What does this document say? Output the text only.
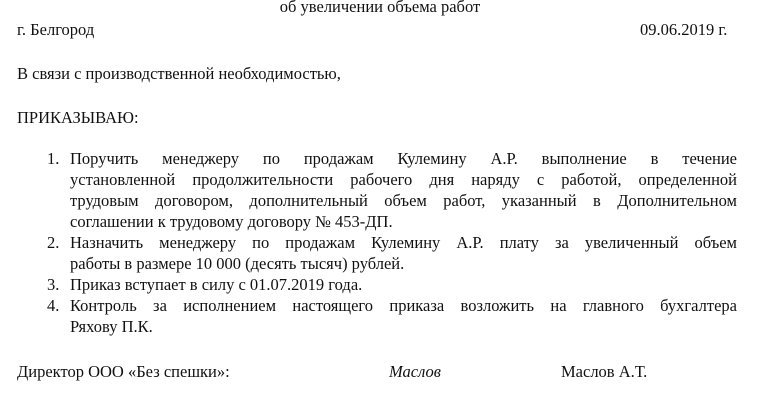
об увеличении объема работ
г. Белгород	09.06.2019 г.
В связи с производственной необходимостью,
ПРИКАЗЫВАЮ:
1. Поручить менеджеру по продажам Кулемину А.Р. выполнение в течение
установленной продолжительности рабочего дня наряду с работой, определенной
трудовым договором, дополнительный объем работ, указанный в Дополнительном
соглашении к трудовому договору № 453-ДП.
2. Назначить менеджеру по продажам Кулемину А.Р. плату за увеличенный объем
работы в размере 10 000 (десять тысяч) рублей.
3. Приказ вступает в силу с 01.07.2019 года.
4. Контроль за исполнением настоящего приказа возложить на главного бухгалтера
Ряхову П.К.
Директор ООО «Без спешки»:	Маслов	Маслов А.Т.
